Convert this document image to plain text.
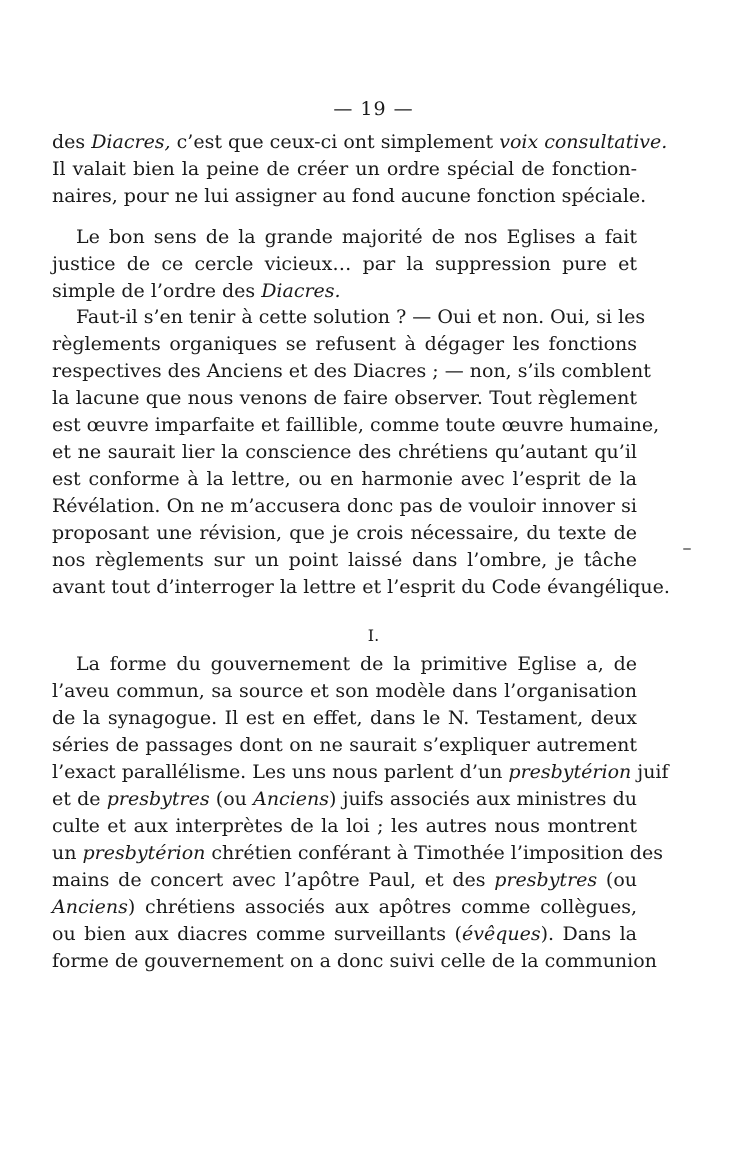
— 19 —
des Diacres, c’est que ceux-ci ont simplement voix consultative.
Il valait bien la peine de créer un ordre spécial de fonction-
naires, pour ne lui assigner au fond aucune fonction spéciale.
Le bon sens de la grande majorité de nos Eglises a fait
justice de ce cercle vicieux… par la suppression pure et
simple de l’ordre des Diacres.
Faut-il s’en tenir à cette solution ? — Oui et non. Oui, si les
règlements organiques se refusent à dégager les fonctions
respectives des Anciens et des Diacres ; — non, s’ils comblent
la lacune que nous venons de faire observer. Tout règlement
est œuvre imparfaite et faillible, comme toute œuvre humaine,
et ne saurait lier la conscience des chrétiens qu’autant qu’il
est conforme à la lettre, ou en harmonie avec l’esprit de la
Révélation. On ne m’accusera donc pas de vouloir innover si
proposant une révision, que je crois nécessaire, du texte de
nos règlements sur un point laissé dans l’ombre, je tâche
avant tout d’interroger la lettre et l’esprit du Code évangélique.
I.
La forme du gouvernement de la primitive Eglise a, de
l’aveu commun, sa source et son modèle dans l’organisation
de la synagogue. Il est en effet, dans le N. Testament, deux
séries de passages dont on ne saurait s’expliquer autrement
l’exact parallélisme. Les uns nous parlent d’un presbytérion juif
et de presbytres (ou Anciens) juifs associés aux ministres du
culte et aux interprètes de la loi ; les autres nous montrent
un presbytérion chrétien conférant à Timothée l’imposition des
mains de concert avec l’apôtre Paul, et des presbytres (ou
Anciens) chrétiens associés aux apôtres comme collègues,
ou bien aux diacres comme surveillants (évêques). Dans la
forme de gouvernement on a donc suivi celle de la communion
